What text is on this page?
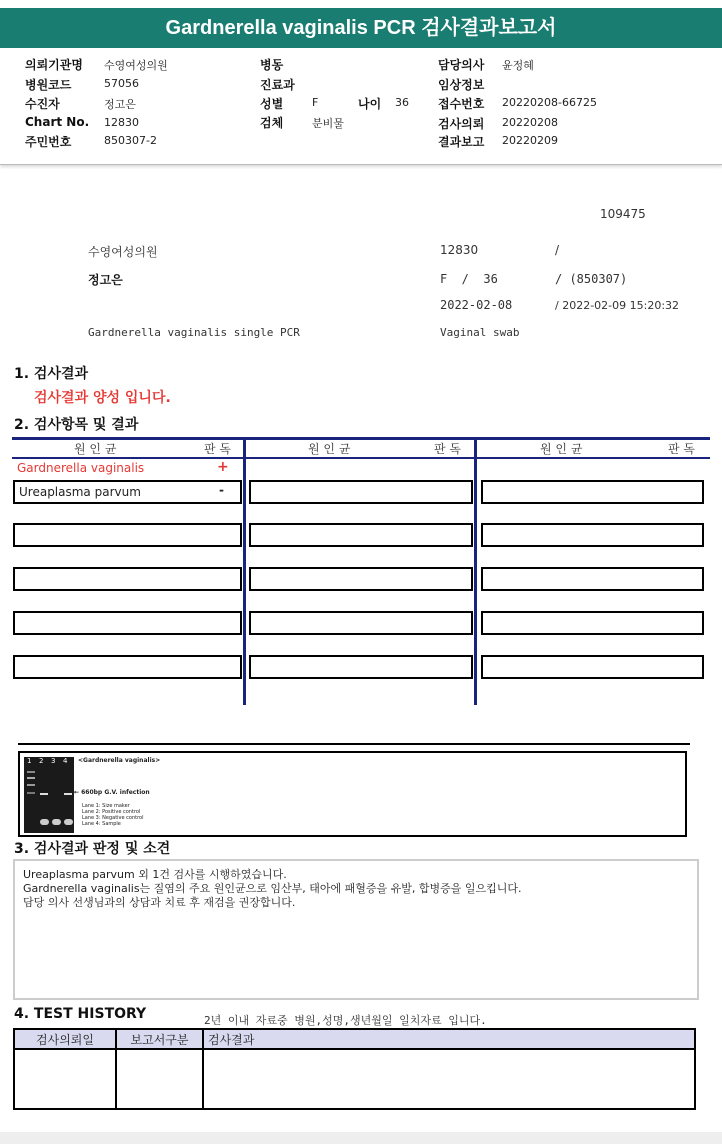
Gardnerella vaginalis PCR 검사결과보고서
의뢰기관명 수영여성의원
병원코드	57056
수진자	정고은
Chart No. 12830
주민번호	850307-2
병동
진료과
성별	F	나이 36
검체	분비물
담당의사 윤정혜
임상정보
접수번호 20220208-66725
검사의뢰 20220208
결과보고 20220209
109475
수영여성의원	12830	/
정고은	F  /  36	/ (850307)
2022-02-08	/ 2022-02-09 15:20:32
Gardnerella vaginalis single PCR	Vaginal swab
1. 검사결과
검사결과 양성 입니다.
2. 검사항목 및 결과
원 인 균	판 독	원 인 균	판 독	원 인 균	판 독
Gardnerella vaginalis	+
Ureaplasma parvum	-
1 2 3 4 <Gardnerella vaginalis>
← 660bp G.V. infection
Lane 1: Size maker
Lane 2: Positive control
Lane 3: Negative control
Lane 4: Sample
3. 검사결과 판정 및 소견
Ureaplasma parvum 외 1건 검사를 시행하였습니다.
Gardnerella vaginalis는 질염의 주요 원인균으로 임산부, 태아에 패혈증을 유발, 합병증을 일으킵니다.
담당 의사 선생님과의 상담과 치료 후 재검을 권장합니다.
4. TEST HISTORY	2년 이내 자료중 병원,성명,생년월일 일치자료 입니다.
검사의뢰일	보고서구분	검사결과
